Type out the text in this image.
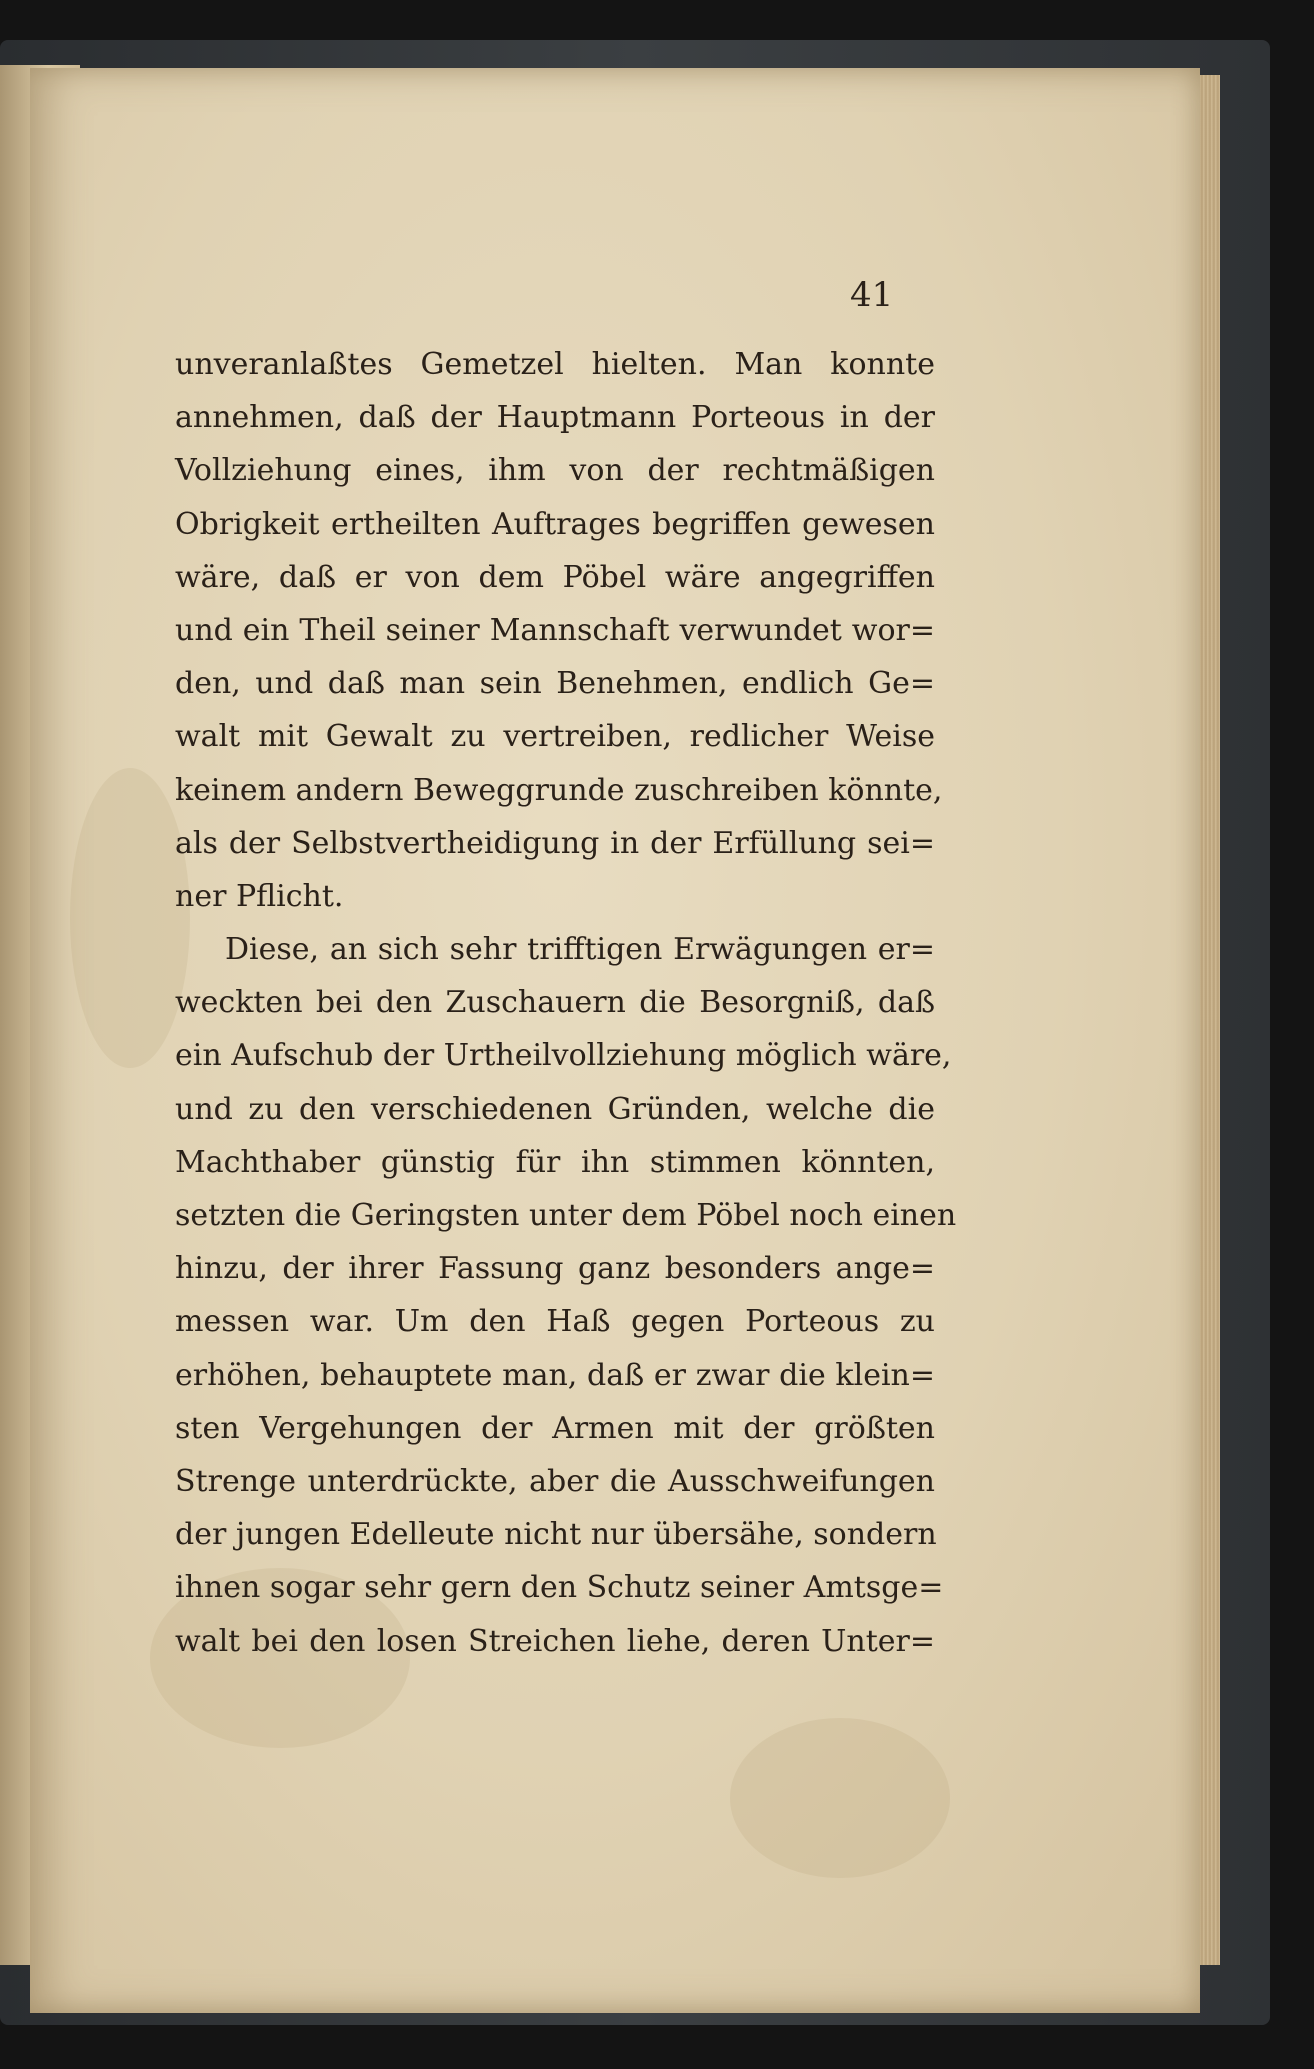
41
unveranlaßtes Gemetzel hielten. Man konnte
annehmen, daß der Hauptmann Porteous in der
Vollziehung eines, ihm von der rechtmäßigen
Obrigkeit ertheilten Auftrages begriffen gewesen
wäre, daß er von dem Pöbel wäre angegriffen
und ein Theil seiner Mannschaft verwundet wor=
den, und daß man sein Benehmen, endlich Ge=
walt mit Gewalt zu vertreiben, redlicher Weise
keinem andern Beweggrunde zuschreiben könnte,
als der Selbstvertheidigung in der Erfüllung sei=
ner Pflicht.
Diese, an sich sehr trifftigen Erwägungen er=
weckten bei den Zuschauern die Besorgniß, daß
ein Aufschub der Urtheilvollziehung möglich wäre,
und zu den verschiedenen Gründen, welche die
Machthaber günstig für ihn stimmen könnten,
setzten die Geringsten unter dem Pöbel noch einen
hinzu, der ihrer Fassung ganz besonders ange=
messen war. Um den Haß gegen Porteous zu
erhöhen, behauptete man, daß er zwar die klein=
sten Vergehungen der Armen mit der größten
Strenge unterdrückte, aber die Ausschweifungen
der jungen Edelleute nicht nur übersähe, sondern
ihnen sogar sehr gern den Schutz seiner Amtsge=
walt bei den losen Streichen liehe, deren Unter=
